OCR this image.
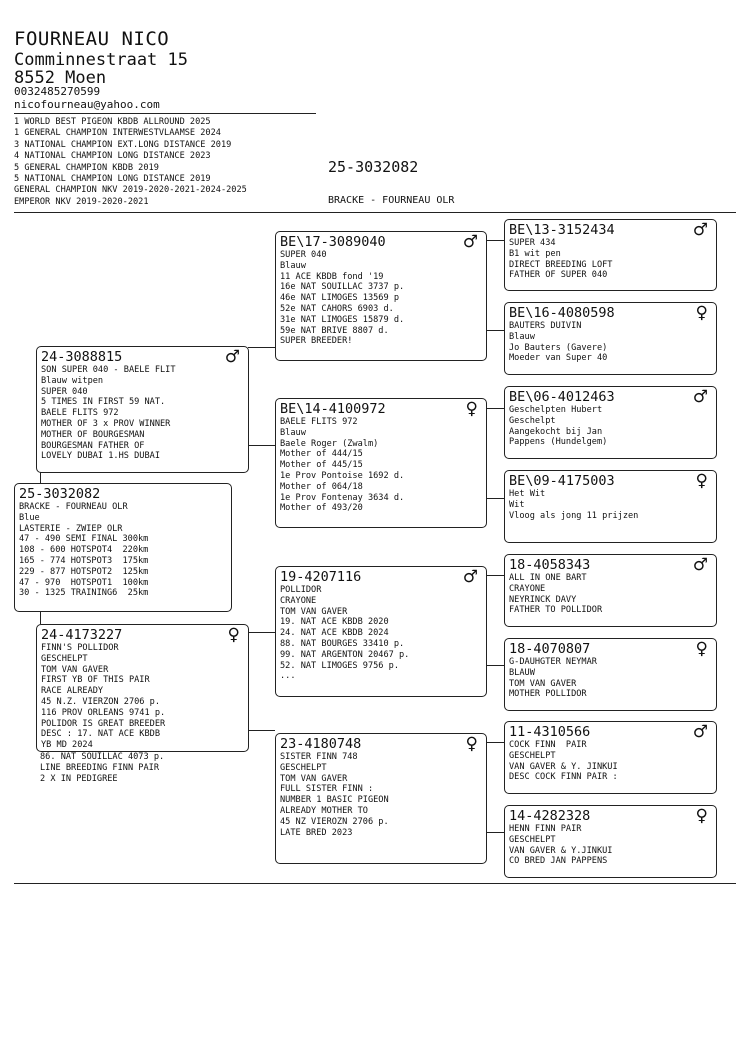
FOURNEAU NICO
Comminnestraat 15
8552 Moen
0032485270599
nicofourneau@yahoo.com
1 WORLD BEST PIGEON KBDB ALLROUND 2025
1 GENERAL CHAMPION INTERWESTVLAAMSE 2024
3 NATIONAL CHAMPION EXT.LONG DISTANCE 2019
4 NATIONAL CHAMPION LONG DISTANCE 2023
5 GENERAL CHAMPION KBDB 2019
5 NATIONAL CHAMPION LONG DISTANCE 2019
GENERAL CHAMPION NKV 2019-2020-2021-2024-2025
EMPEROR NKV 2019-2020-2021
25-3032082
BRACKE - FOURNEAU OLR
25-3032082
BRACKE - FOURNEAU OLR
Blue
LASTERIE - ZWIEP OLR
47 - 490 SEMI FINAL 300km
108 - 600 HOTSPOT4  220km
165 - 774 HOTSPOT3  175km
229 - 877 HOTSPOT2  125km
47 - 970  HOTSPOT1  100km
30 - 1325 TRAINING6  25km
24-3088815	♂
SON SUPER 040 - BAELE FLIT
Blauw witpen
SUPER 040
5 TIMES IN FIRST 59 NAT.
BAELE FLITS 972
MOTHER OF 3 x PROV WINNER
MOTHER OF BOURGESMAN
BOURGESMAN FATHER OF
LOVELY DUBAI 1.HS DUBAI
24-4173227	♀
FINN'S POLLIDOR
GESCHELPT
TOM VAN GAVER
FIRST YB OF THIS PAIR
RACE ALREADY
45 N.Z. VIERZON 2706 p.
116 PROV ORLEANS 9741 p.
POLIDOR IS GREAT BREEDER
DESC : 17. NAT ACE KBDB
YB MD 2024
BE\17-3089040	♂
SUPER 040
Blauw
11 ACE KBDB fond '19
16e NAT SOUILLAC 3737 p.
46e NAT LIMOGES 13569 p
52e NAT CAHORS 6903 d.
31e NAT LIMOGES 15879 d.
59e NAT BRIVE 8807 d.
SUPER BREEDER!
BE\14-4100972	♀
BAELE FLITS 972
Blauw
Baele Roger (Zwalm)
Mother of 444/15
Mother of 445/15
1e Prov Pontoise 1692 d.
Mother of 064/18
1e Prov Fontenay 3634 d.
Mother of 493/20
19-4207116	♂
POLLIDOR
CRAYONE
TOM VAN GAVER
19. NAT ACE KBDB 2020
24. NAT ACE KBDB 2024
88. NAT BOURGES 33410 p.
99. NAT ARGENTON 20467 p.
52. NAT LIMOGES 9756 p.
...
23-4180748	♀
SISTER FINN 748
GESCHELPT
TOM VAN GAVER
FULL SISTER FINN :
NUMBER 1 BASIC PIGEON
ALREADY MOTHER TO
45 NZ VIEROZN 2706 p.
LATE BRED 2023
BE\13-3152434	♂
SUPER 434
B1 wit pen
DIRECT BREEDING LOFT
FATHER OF SUPER 040
BE\16-4080598	♀
BAUTERS DUIVIN
Blauw
Jo Bauters (Gavere)
Moeder van Super 40
BE\06-4012463	♂
Geschelpten Hubert
Geschelpt
Aangekocht bij Jan
Pappens (Hundelgem)
BE\09-4175003	♀
Het Wit
Wit
Vloog als jong 11 prijzen
18-4058343	♂
ALL IN ONE BART
CRAYONE
NEYRINCK DAVY
FATHER TO POLLIDOR
18-4070807	♀
G-DAUHGTER NEYMAR
BLAUW
TOM VAN GAVER
MOTHER POLLIDOR
11-4310566	♂
COCK FINN  PAIR
GESCHELPT
VAN GAVER & Y. JINKUI
DESC COCK FINN PAIR :
14-4282328	♀
HENN FINN PAIR
GESCHELPT
VAN GAVER & Y.JINKUI
CO BRED JAN PAPPENS
86. NAT SOUILLAC 4073 p.
LINE BREEDING FINN PAIR
2 X IN PEDIGREE
